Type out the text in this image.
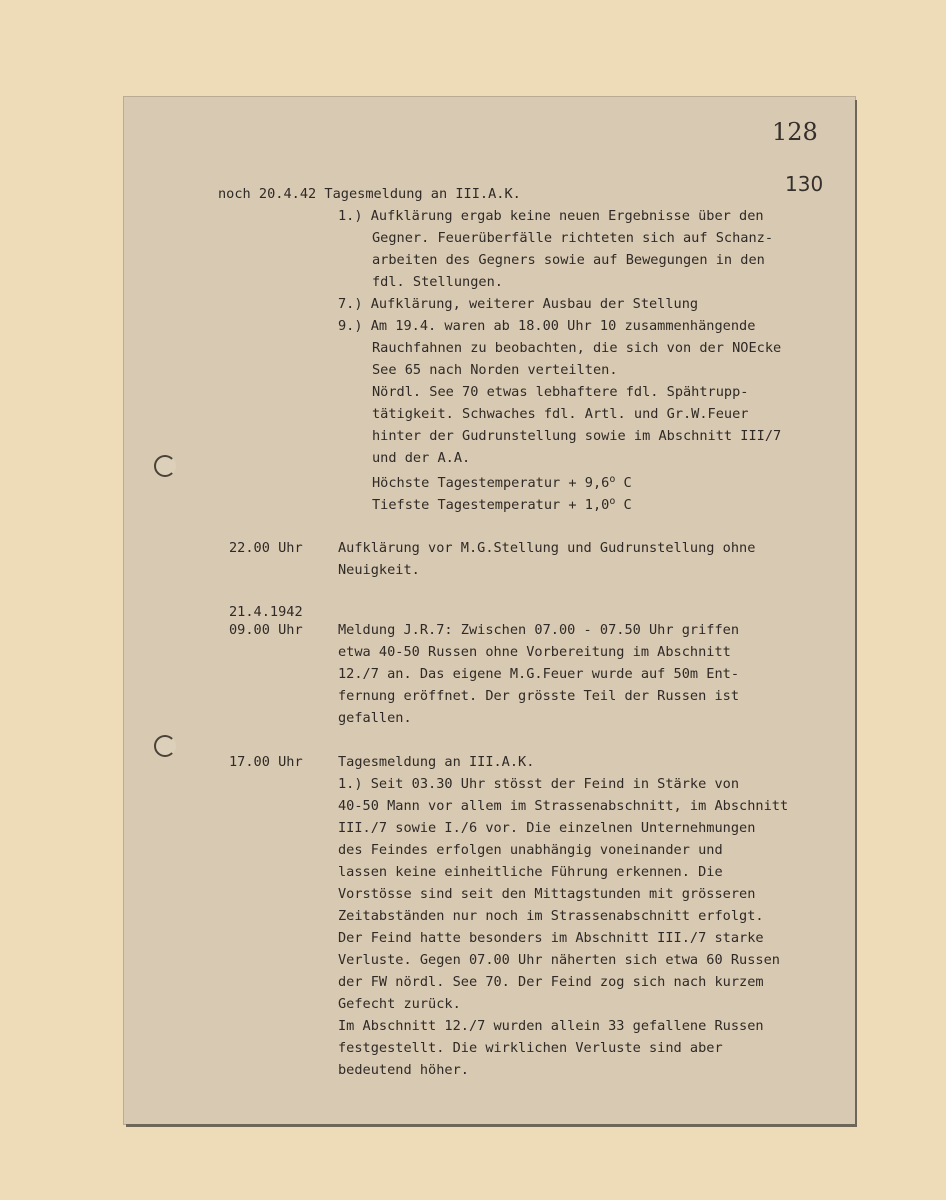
128
130
noch 20.4.42 Tagesmeldung an III.A.K.
1.) Aufklärung ergab keine neuen Ergebnisse über den
Gegner. Feuerüberfälle richteten sich auf Schanz-
arbeiten des Gegners sowie auf Bewegungen in den
fdl. Stellungen.
7.) Aufklärung, weiterer Ausbau der Stellung
9.) Am 19.4. waren ab 18.00 Uhr 10 zusammenhängende
Rauchfahnen zu beobachten, die sich von der NOEcke
See 65 nach Norden verteilten.
Nördl. See 70 etwas lebhaftere fdl. Spähtrupp-
tätigkeit. Schwaches fdl. Artl. und Gr.W.Feuer
hinter der Gudrunstellung sowie im Abschnitt III/7
und der A.A.
Höchste Tagestemperatur + $9,6^o$ C
Tiefste Tagestemperatur + $1,0^o$ C
22.00 Uhr	Aufklärung vor M.G.Stellung und Gudrunstellung ohne
Neuigkeit.
21.4.1942
09.00 Uhr	Meldung J.R.7: Zwischen 07.00 - 07.50 Uhr griffen
etwa 40-50 Russen ohne Vorbereitung im Abschnitt
12./7 an. Das eigene M.G.Feuer wurde auf 50m Ent-
fernung eröffnet. Der grösste Teil der Russen ist
gefallen.
17.00 Uhr	Tagesmeldung an III.A.K.
1.) Seit 03.30 Uhr stösst der Feind in Stärke von
40-50 Mann vor allem im Strassenabschnitt, im Abschnitt
III./7 sowie I./6 vor. Die einzelnen Unternehmungen
des Feindes erfolgen unabhängig voneinander und
lassen keine einheitliche Führung erkennen. Die
Vorstösse sind seit den Mittagstunden mit grösseren
Zeitabständen nur noch im Strassenabschnitt erfolgt.
Der Feind hatte besonders im Abschnitt III./7 starke
Verluste. Gegen 07.00 Uhr näherten sich etwa 60 Russen
der FW nördl. See 70. Der Feind zog sich nach kurzem
Gefecht zurück.
Im Abschnitt 12./7 wurden allein 33 gefallene Russen
festgestellt. Die wirklichen Verluste sind aber
bedeutend höher.
